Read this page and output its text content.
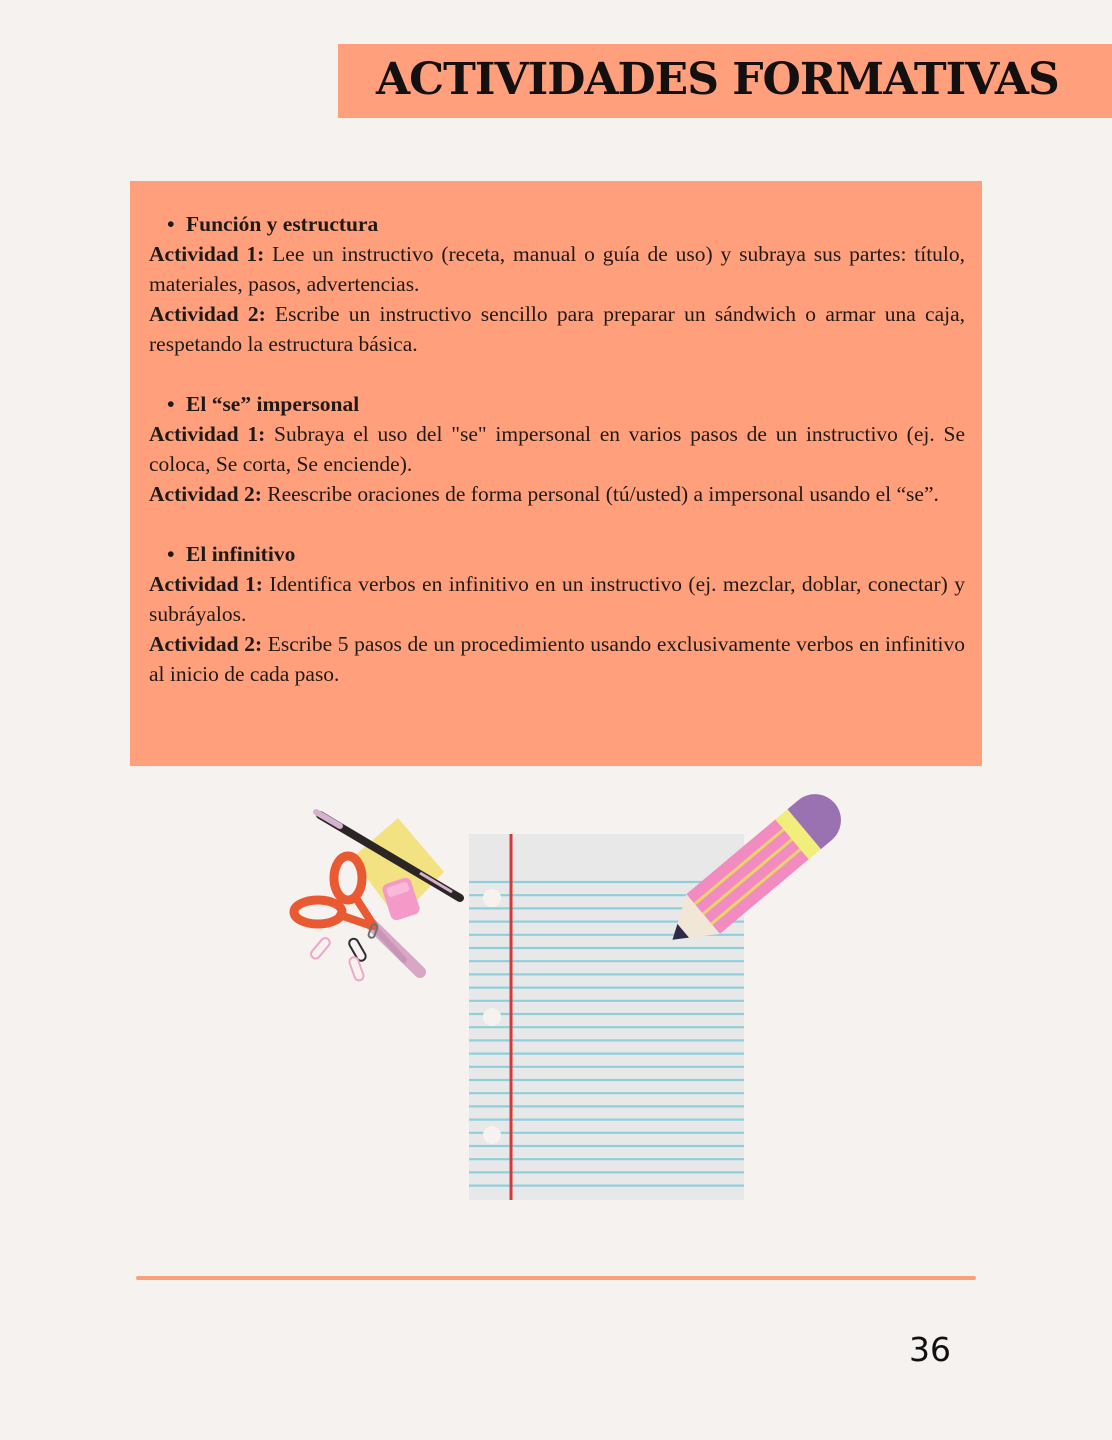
ACTIVIDADES FORMATIVAS
• Función y estructura
Actividad 1: Lee un instructivo (receta, manual o guía de uso) y subraya sus partes: título, materiales, pasos, advertencias.
Actividad 2: Escribe un instructivo sencillo para preparar un sándwich o armar una caja, respetando la estructura básica.
• El “se” impersonal
Actividad 1: Subraya el uso del "se" impersonal en varios pasos de un instructivo (ej. Se coloca, Se corta, Se enciende).
Actividad 2: Reescribe oraciones de forma personal (tú/usted) a impersonal usando el “se”.
• El infinitivo
Actividad 1: Identifica verbos en infinitivo en un instructivo (ej. mezclar, doblar, conectar) y subráyalos.
Actividad 2: Escribe 5 pasos de un procedimiento usando exclusivamente verbos en infinitivo al inicio de cada paso.
36
